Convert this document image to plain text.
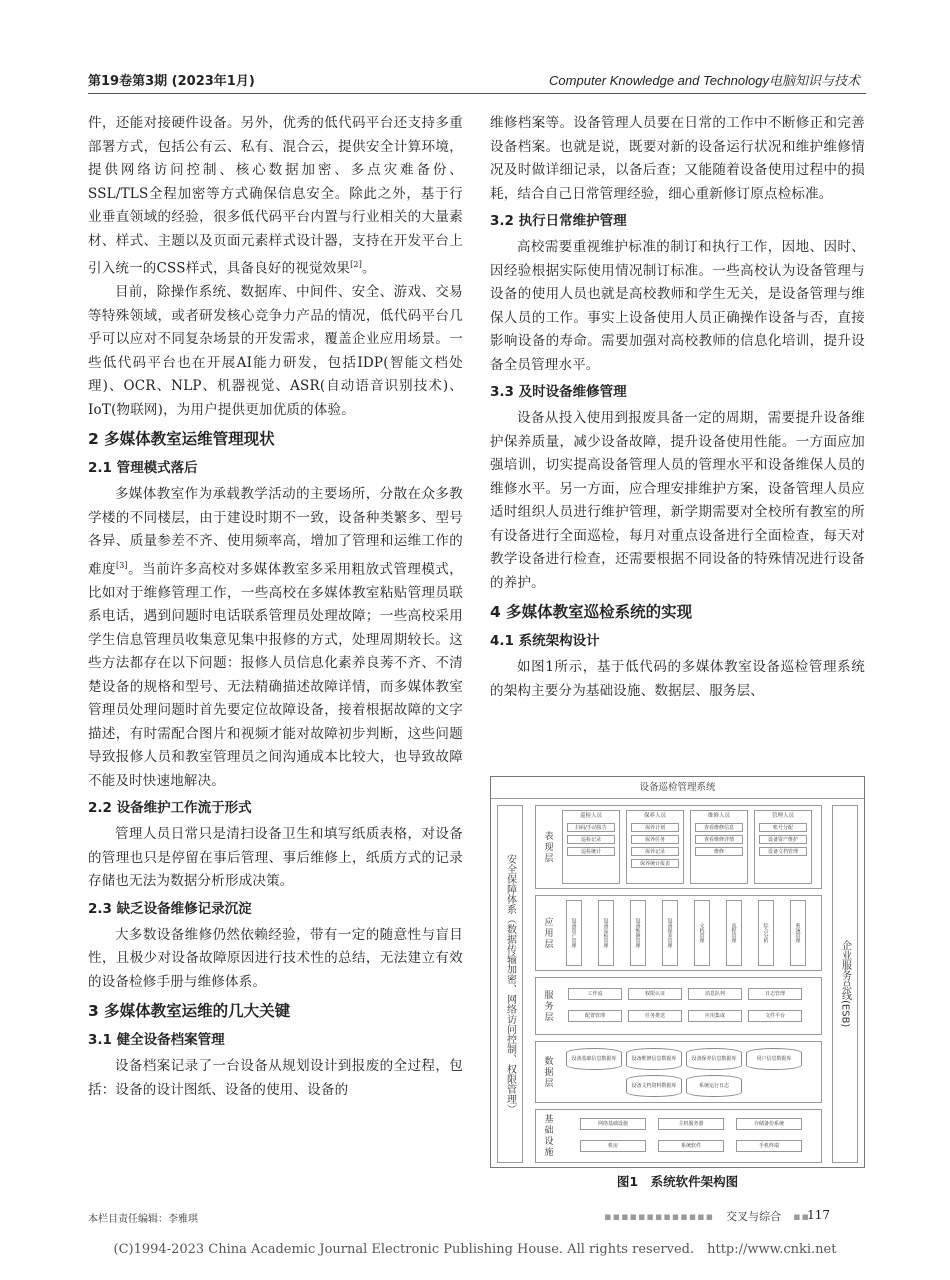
第19卷第3期 (2023年1月)	Computer Knowledge and Technology电脑知识与技术

件，还能对接硬件设备。另外，优秀的低代码平台还支持多重部署方式，包括公有云、私有、混合云，提供安全计算环境，提供网络访问控制、核心数据加密、多点灾难备份、SSL/TLS全程加密等方式确保信息安全。除此之外，基于行业垂直领域的经验，很多低代码平台内置与行业相关的大量素材、样式、主题以及页面元素样式设计器，支持在开发平台上引入统一的CSS样式，具备良好的视觉效果[2]。

目前，除操作系统、数据库、中间件、安全、游戏、交易等特殊领域，或者研发核心竞争力产品的情况，低代码平台几乎可以应对不同复杂场景的开发需求，覆盖企业应用场景。一些低代码平台也在开展AI能力研发，包括IDP(智能文档处理)、OCR、NLP、机器视觉、ASR(自动语音识别技术)、IoT(物联网)，为用户提供更加优质的体验。

2 多媒体教室运维管理现状
2.1 管理模式落后

多媒体教室作为承载教学活动的主要场所，分散在众多教学楼的不同楼层，由于建设时期不一致，设备种类繁多、型号各异、质量参差不齐、使用频率高，增加了管理和运维工作的难度[3]。当前许多高校对多媒体教室多采用粗放式管理模式，比如对于维修管理工作，一些高校在多媒体教室粘贴管理员联系电话，遇到问题时电话联系管理员处理故障；一些高校采用学生信息管理员收集意见集中报修的方式，处理周期较长。这些方法都存在以下问题：报修人员信息化素养良莠不齐、不清楚设备的规格和型号、无法精确描述故障详情，而多媒体教室管理员处理问题时首先要定位故障设备，接着根据故障的文字描述，有时需配合图片和视频才能对故障初步判断，这些问题导致报修人员和教室管理员之间沟通成本比较大，也导致故障不能及时快速地解决。

2.2 设备维护工作流于形式

管理人员日常只是清扫设备卫生和填写纸质表格，对设备的管理也只是停留在事后管理、事后维修上，纸质方式的记录存储也无法为数据分析形成决策。

2.3 缺乏设备维修记录沉淀

大多数设备维修仍然依赖经验，带有一定的随意性与盲目性，且极少对设备故障原因进行技术性的总结，无法建立有效的设备检修手册与维修体系。

3 多媒体教室运维的几大关键
3.1 健全设备档案管理

设备档案记录了一台设备从规划设计到报废的全过程，包括：设备的设计图纸、设备的使用、设备的

维修档案等。设备管理人员要在日常的工作中不断修正和完善设备档案。也就是说，既要对新的设备运行状况和维护维修情况及时做详细记录，以备后查；又能随着设备使用过程中的损耗，结合自己日常管理经验，细心重新修订原点检标准。

3.2 执行日常维护管理

高校需要重视维护标准的制订和执行工作，因地、因时、因经验根据实际使用情况制订标准。一些高校认为设备管理与设备的使用人员也就是高校教师和学生无关，是设备管理与维保人员的工作。事实上设备使用人员正确操作设备与否，直接影响设备的寿命。需要加强对高校教师的信息化培训，提升设备全员管理水平。

3.3 及时设备维修管理

设备从投入使用到报废具备一定的周期，需要提升设备维护保养质量，减少设备故障，提升设备使用性能。一方面应加强培训，切实提高设备管理人员的管理水平和设备维保人员的维修水平。另一方面，应合理安排维护方案，设备管理人员应适时组织人员进行维护管理，新学期需要对全校所有教室的所有设备进行全面巡检，每月对重点设备进行全面检查，每天对教学设备进行检查，还需要根据不同设备的特殊情况进行设备的养护。

4 多媒体教室巡检系统的实现
4.1 系统架构设计

如图1所示，基于低代码的多媒体教室设备巡检管理系统的架构主要分为基础设施、数据层、服务层、

设备巡检管理系统
安全保障体系（数据传输加密、网络访问控制、权限管理）	企业服务总线(ESB)
表现层
巡检人员
扫码/手动报告
巡检记录
巡检统计
保养人员
保养计划
保养任务
保养记录
保养统计报表
维修人员
查看维修信息
查看维修详情
维修
管理人员
账号分配
设备资产维护
设备文档管理
应用层	设备资产管理	设备巡检管理	设备维修管理	设备保养管理	文档管理	流程管理	综合分析	系统管理
服务层	工作流	权限认证	消息队列	日志管理
配置管理	任务推送	应用集成	文件平台
数据层	设备基础信息数据库	设备维修信息数据库	设备保养信息数据库	用户信息数据库
设备文档资料数据库	系统运行日志
基础设施	网络基础设施	主机服务器	存储备份系统
机房	系统软件	手机终端
图1　系统软件架构图
本栏目责任编辑：李雅琪	▪▪▪▪▪▪▪▪▪▪▪▪▪　交叉与综合　▪▪
117
(C)1994-2023 China Academic Journal Electronic Publishing House. All rights reserved.　http://www.cnki.net
